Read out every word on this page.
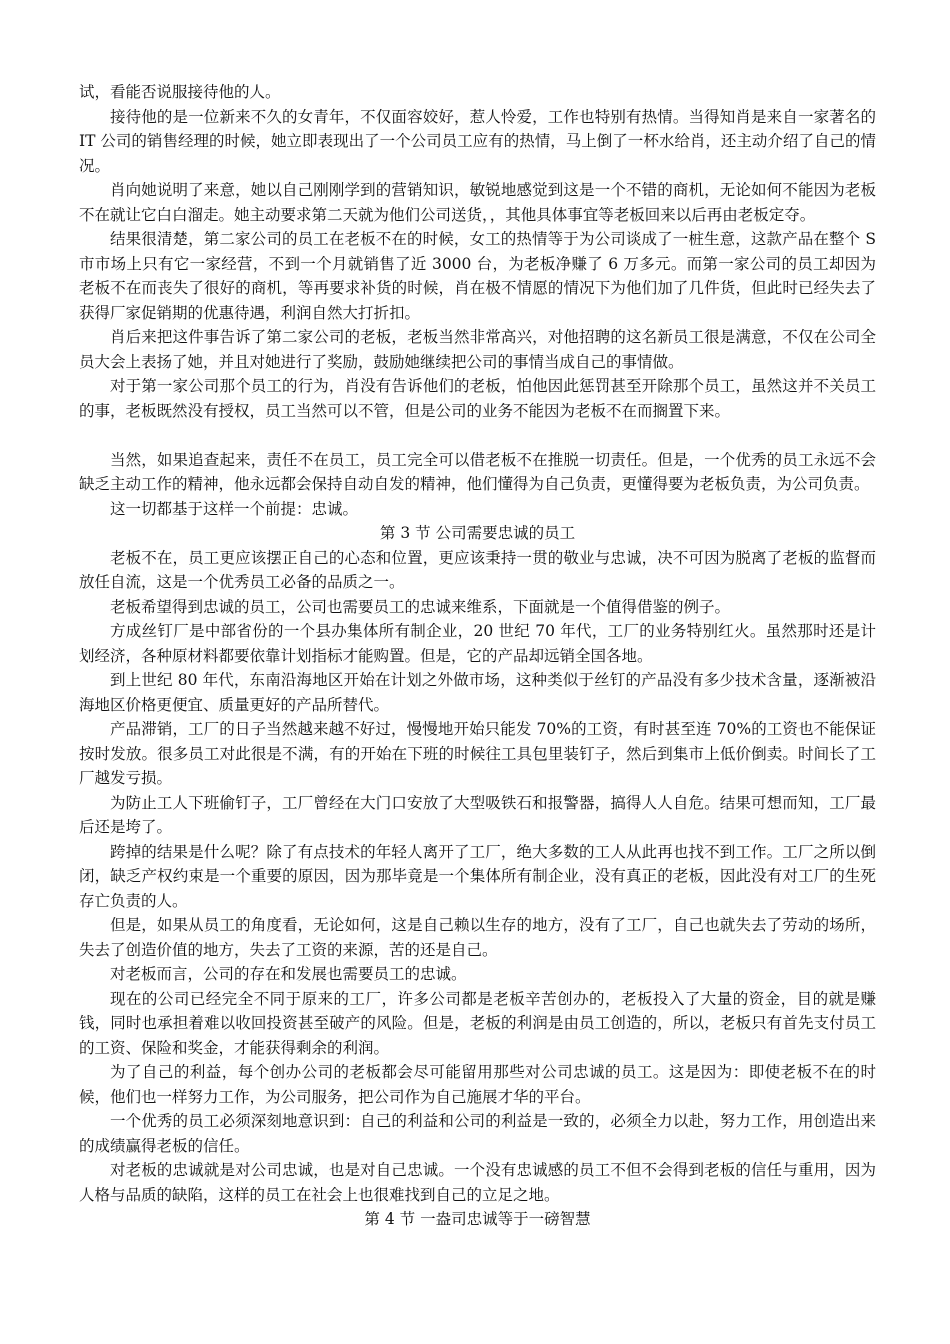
试，看能否说服接待他的人。

接待他的是一位新来不久的女青年，不仅面容姣好，惹人怜爱，工作也特别有热情。当得知肖是来自一家著名的 IT 公司的销售经理的时候，她立即表现出了一个公司员工应有的热情，马上倒了一杯水给肖，还主动介绍了自己的情况。

肖向她说明了来意，她以自己刚刚学到的营销知识，敏锐地感觉到这是一个不错的商机，无论如何不能因为老板不在就让它白白溜走。她主动要求第二天就为他们公司送货，，其他具体事宜等老板回来以后再由老板定夺。

结果很清楚，第二家公司的员工在老板不在的时候，女工的热情等于为公司谈成了一桩生意，这款产品在整个 S 市市场上只有它一家经营，不到一个月就销售了近 3000 台，为老板净赚了 6 万多元。而第一家公司的员工却因为老板不在而丧失了很好的商机，等再要求补货的时候，肖在极不情愿的情况下为他们加了几件货，但此时已经失去了获得厂家促销期的优惠待遇，利润自然大打折扣。

肖后来把这件事告诉了第二家公司的老板，老板当然非常高兴，对他招聘的这名新员工很是满意，不仅在公司全员大会上表扬了她，并且对她进行了奖励，鼓励她继续把公司的事情当成自己的事情做。

对于第一家公司那个员工的行为，肖没有告诉他们的老板，怕他因此惩罚甚至开除那个员工，虽然这并不关员工的事，老板既然没有授权，员工当然可以不管，但是公司的业务不能因为老板不在而搁置下来。

当然，如果追查起来，责任不在员工，员工完全可以借老板不在推脱一切责任。但是，一个优秀的员工永远不会缺乏主动工作的精神，他永远都会保持自动自发的精神，他们懂得为自己负责，更懂得要为老板负责，为公司负责。

这一切都基于这样一个前提：忠诚。

第 3 节 公司需要忠诚的员工

老板不在，员工更应该摆正自己的心态和位置，更应该秉持一贯的敬业与忠诚，决不可因为脱离了老板的监督而放任自流，这是一个优秀员工必备的品质之一。

老板希望得到忠诚的员工，公司也需要员工的忠诚来维系，下面就是一个值得借鉴的例子。

方成丝钉厂是中部省份的一个县办集体所有制企业，20 世纪 70 年代，工厂的业务特别红火。虽然那时还是计划经济，各种原材料都要依靠计划指标才能购置。但是，它的产品却远销全国各地。

到上世纪 80 年代，东南沿海地区开始在计划之外做市场，这种类似于丝钉的产品没有多少技术含量，逐渐被沿海地区价格更便宜、质量更好的产品所替代。

产品滞销，工厂的日子当然越来越不好过，慢慢地开始只能发 70%的工资，有时甚至连 70%的工资也不能保证按时发放。很多员工对此很是不满，有的开始在下班的时候往工具包里装钉子，然后到集市上低价倒卖。时间长了工厂越发亏损。

为防止工人下班偷钉子，工厂曾经在大门口安放了大型吸铁石和报警器，搞得人人自危。结果可想而知，工厂最后还是垮了。

跨掉的结果是什么呢？除了有点技术的年轻人离开了工厂，绝大多数的工人从此再也找不到工作。工厂之所以倒闭，缺乏产权约束是一个重要的原因，因为那毕竟是一个集体所有制企业，没有真正的老板，因此没有对工厂的生死存亡负责的人。

但是，如果从员工的角度看，无论如何，这是自己赖以生存的地方，没有了工厂，自己也就失去了劳动的场所，失去了创造价值的地方，失去了工资的来源，苦的还是自己。

对老板而言，公司的存在和发展也需要员工的忠诚。

现在的公司已经完全不同于原来的工厂，许多公司都是老板辛苦创办的，老板投入了大量的资金，目的就是赚钱，同时也承担着难以收回投资甚至破产的风险。但是，老板的利润是由员工创造的，所以，老板只有首先支付员工的工资、保险和奖金，才能获得剩余的利润。

为了自己的利益，每个创办公司的老板都会尽可能留用那些对公司忠诚的员工。这是因为：即使老板不在的时候，他们也一样努力工作，为公司服务，把公司作为自己施展才华的平台。

一个优秀的员工必须深刻地意识到：自己的利益和公司的利益是一致的，必须全力以赴，努力工作，用创造出来的成绩赢得老板的信任。

对老板的忠诚就是对公司忠诚，也是对自己忠诚。一个没有忠诚感的员工不但不会得到老板的信任与重用，因为人格与品质的缺陷，这样的员工在社会上也很难找到自己的立足之地。

第 4 节 一盎司忠诚等于一磅智慧
